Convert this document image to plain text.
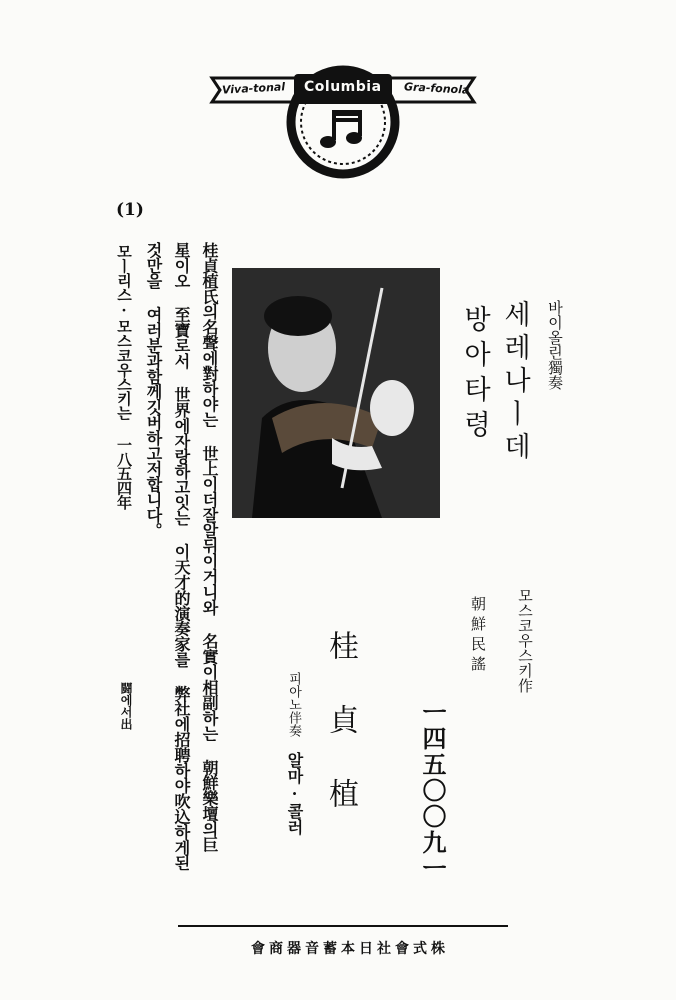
Viva-tonal Columbia Gra-fonola
바이올린獨奏
세레나ㅣ데
모스코우스키作
방아타령
朝鮮民謠
ㅡ四五〇〇九ㅡ
桂貞植
피아노伴奏
알마·콜러
桂貞植氏의名聲에對하야는 世上이더잘알뒤이거니와 名實이相副하는 朝鮮樂壇의巨
星이오 至寶로서 世界에자랑하고잇는 이天才的演奏家를 弊社에招聘하야吹込하게된
것만을 여러분과함께깃버하고저합니다。
(1)
모ㅣ리스·모스코우스키는 一八五四年
闘에서出
會商器音蓄本日社會式株
